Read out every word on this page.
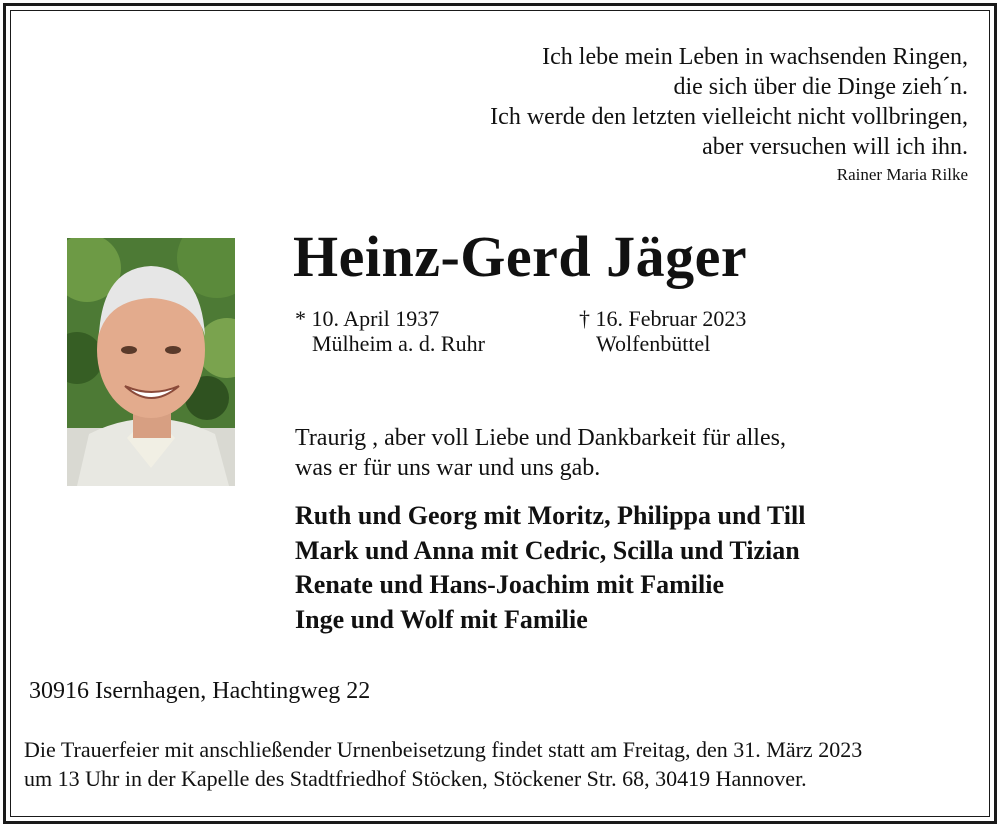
Ich lebe mein Leben in wachsenden Ringen,
die sich über die Dinge zieh´n.
Ich werde den letzten vielleicht nicht vollbringen,
aber versuchen will ich ihn.
Rainer Maria Rilke
Heinz-Gerd Jäger
* 10. April 1937
Mülheim a. d. Ruhr
† 16. Februar 2023
Wolfenbüttel
Traurig , aber voll Liebe und Dankbarkeit für alles,
was er für uns war und uns gab.
Ruth und Georg mit Moritz, Philippa und Till
Mark und Anna mit Cedric, Scilla und Tizian
Renate und Hans-Joachim mit Familie
Inge und Wolf mit Familie
30916 Isernhagen, Hachtingweg 22
Die Trauerfeier mit anschließender Urnenbeisetzung findet statt am Freitag, den 31. März 2023
um 13 Uhr in der Kapelle des Stadtfriedhof Stöcken, Stöckener Str. 68, 30419 Hannover.
